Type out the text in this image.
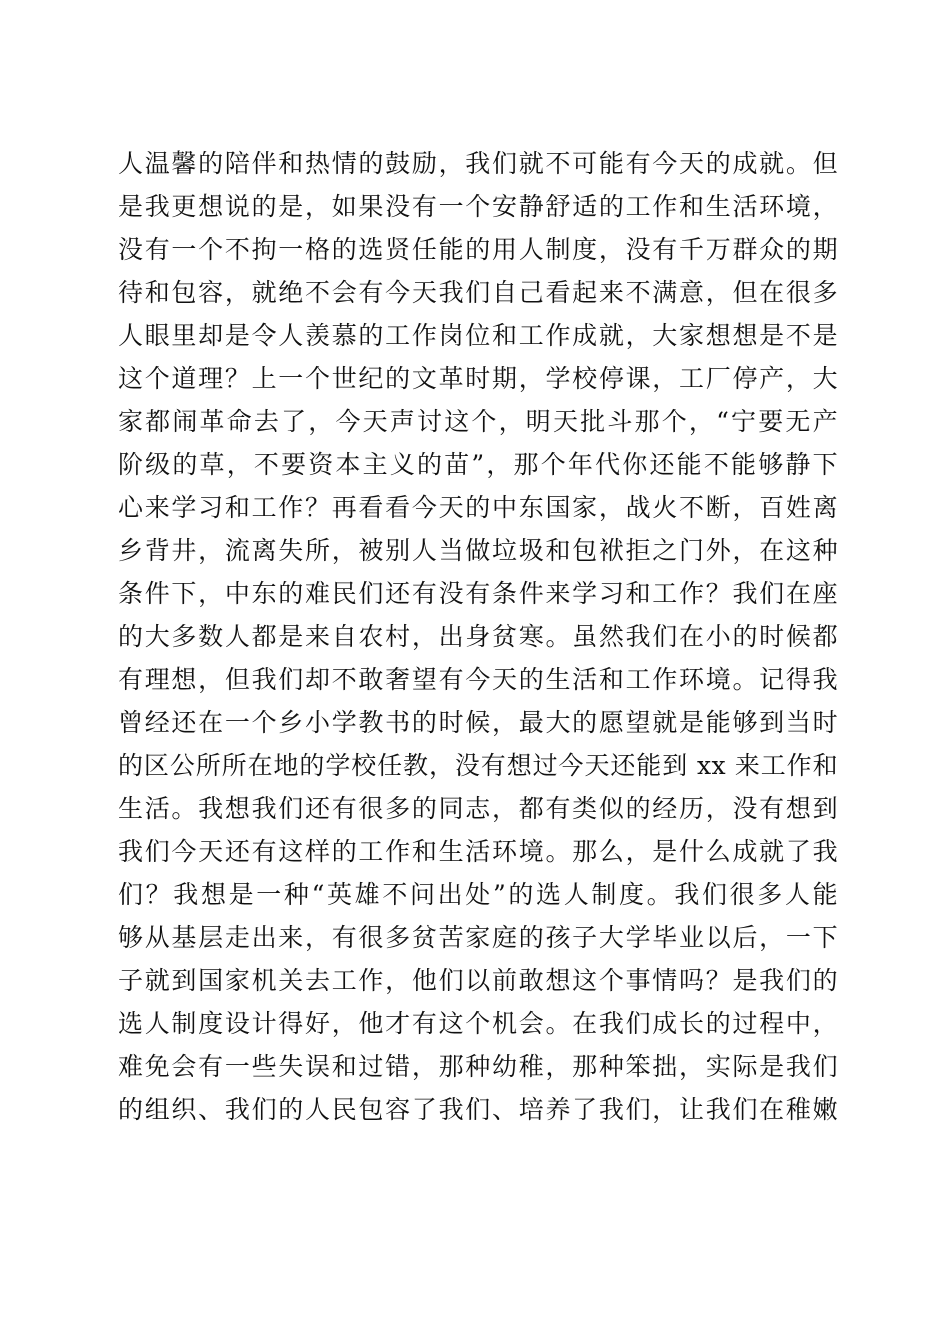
人温馨的陪伴和热情的鼓励，我们就不可能有今天的成就。但
是我更想说的是，如果没有一个安静舒适的工作和生活环境，
没有一个不拘一格的选贤任能的用人制度，没有千万群众的期
待和包容，就绝不会有今天我们自己看起来不满意，但在很多
人眼里却是令人羡慕的工作岗位和工作成就，大家想想是不是
这个道理？上一个世纪的文革时期，学校停课，工厂停产，大
家都闹革命去了，今天声讨这个，明天批斗那个，“宁要无产
阶级的草，不要资本主义的苗”，那个年代你还能不能够静下
心来学习和工作？再看看今天的中东国家，战火不断，百姓离
乡背井，流离失所，被别人当做垃圾和包袱拒之门外，在这种
条件下，中东的难民们还有没有条件来学习和工作？我们在座
的大多数人都是来自农村，出身贫寒。虽然我们在小的时候都
有理想，但我们却不敢奢望有今天的生活和工作环境。记得我
曾经还在一个乡小学教书的时候，最大的愿望就是能够到当时
的区公所所在地的学校任教，没有想过今天还能到 xx 来工作和
生活。我想我们还有很多的同志，都有类似的经历，没有想到
我们今天还有这样的工作和生活环境。那么，是什么成就了我
们？我想是一种“英雄不问出处”的选人制度。我们很多人能
够从基层走出来，有很多贫苦家庭的孩子大学毕业以后，一下
子就到国家机关去工作，他们以前敢想这个事情吗？是我们的
选人制度设计得好，他才有这个机会。在我们成长的过程中，
难免会有一些失误和过错，那种幼稚，那种笨拙，实际是我们
的组织、我们的人民包容了我们、培养了我们，让我们在稚嫩
